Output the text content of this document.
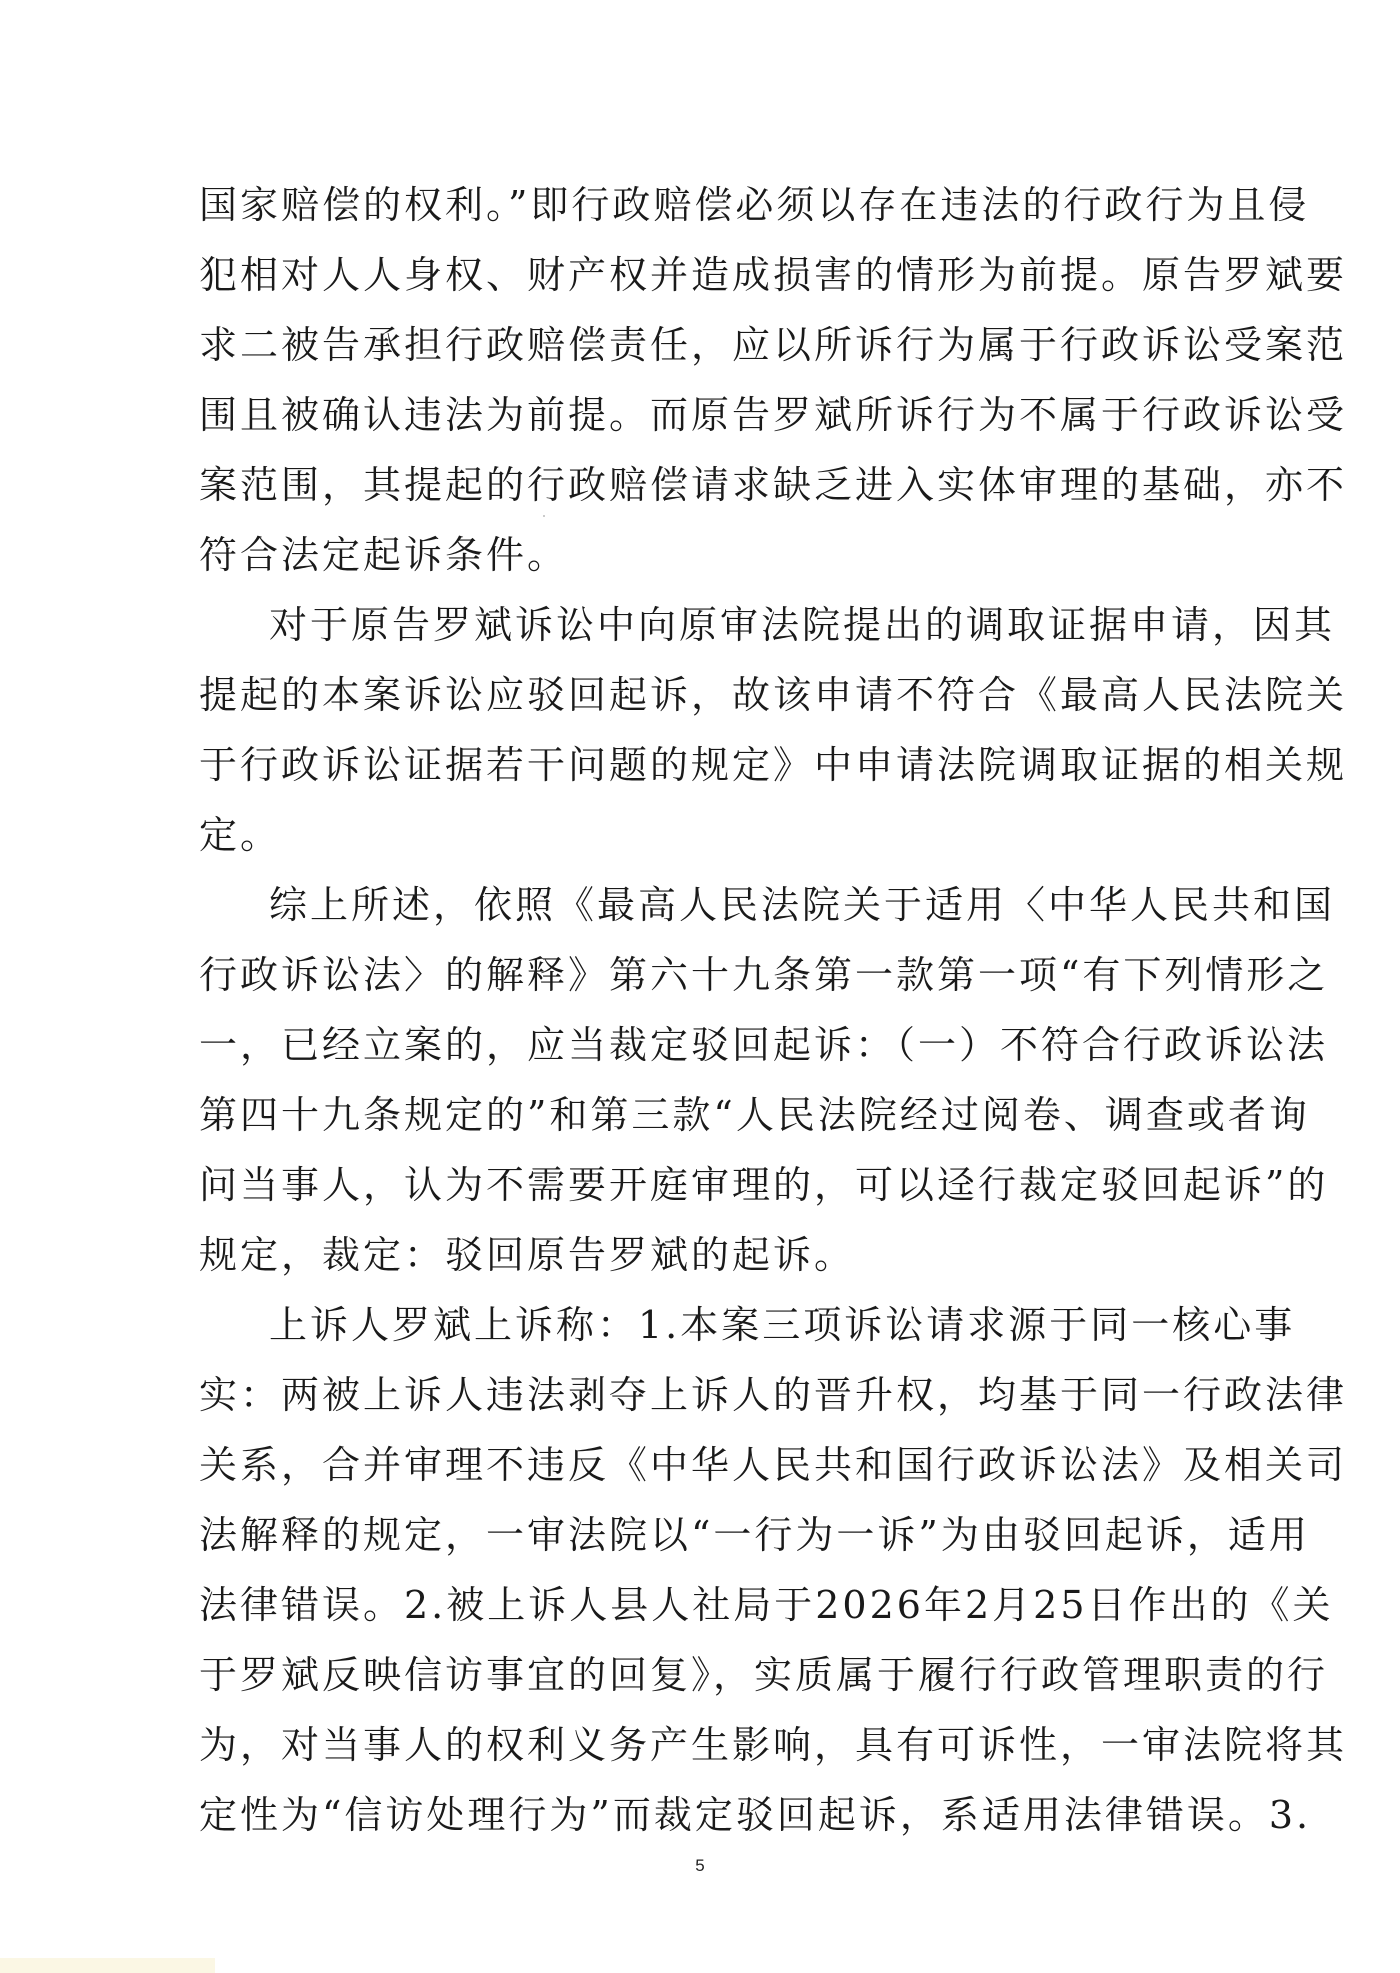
国家赔偿的权利。”即行政赔偿必须以存在违法的行政行为且侵
犯相对人人身权、财产权并造成损害的情形为前提。原告罗斌要
求二被告承担行政赔偿责任，应以所诉行为属于行政诉讼受案范
围且被确认违法为前提。而原告罗斌所诉行为不属于行政诉讼受
案范围，其提起的行政赔偿请求缺乏进入实体审理的基础，亦不
符合法定起诉条件。
对于原告罗斌诉讼中向原审法院提出的调取证据申请，因其
提起的本案诉讼应驳回起诉，故该申请不符合《最高人民法院关
于行政诉讼证据若干问题的规定》中申请法院调取证据的相关规
定。
综上所述，依照《最高人民法院关于适用〈中华人民共和国
行政诉讼法〉的解释》第六十九条第一款第一项“有下列情形之
一，已经立案的，应当裁定驳回起诉：（一）不符合行政诉讼法
第四十九条规定的”和第三款“人民法院经过阅卷、调查或者询
问当事人，认为不需要开庭审理的，可以迳行裁定驳回起诉”的
规定，裁定：驳回原告罗斌的起诉。
上诉人罗斌上诉称：1.本案三项诉讼请求源于同一核心事
实：两被上诉人违法剥夺上诉人的晋升权，均基于同一行政法律
关系，合并审理不违反《中华人民共和国行政诉讼法》及相关司
法解释的规定，一审法院以“一行为一诉”为由驳回起诉，适用
法律错误。2.被上诉人县人社局于2026年2月25日作出的《关
于罗斌反映信访事宜的回复》，实质属于履行行政管理职责的行
为，对当事人的权利义务产生影响，具有可诉性，一审法院将其
定性为“信访处理行为”而裁定驳回起诉，系适用法律错误。3.
5
